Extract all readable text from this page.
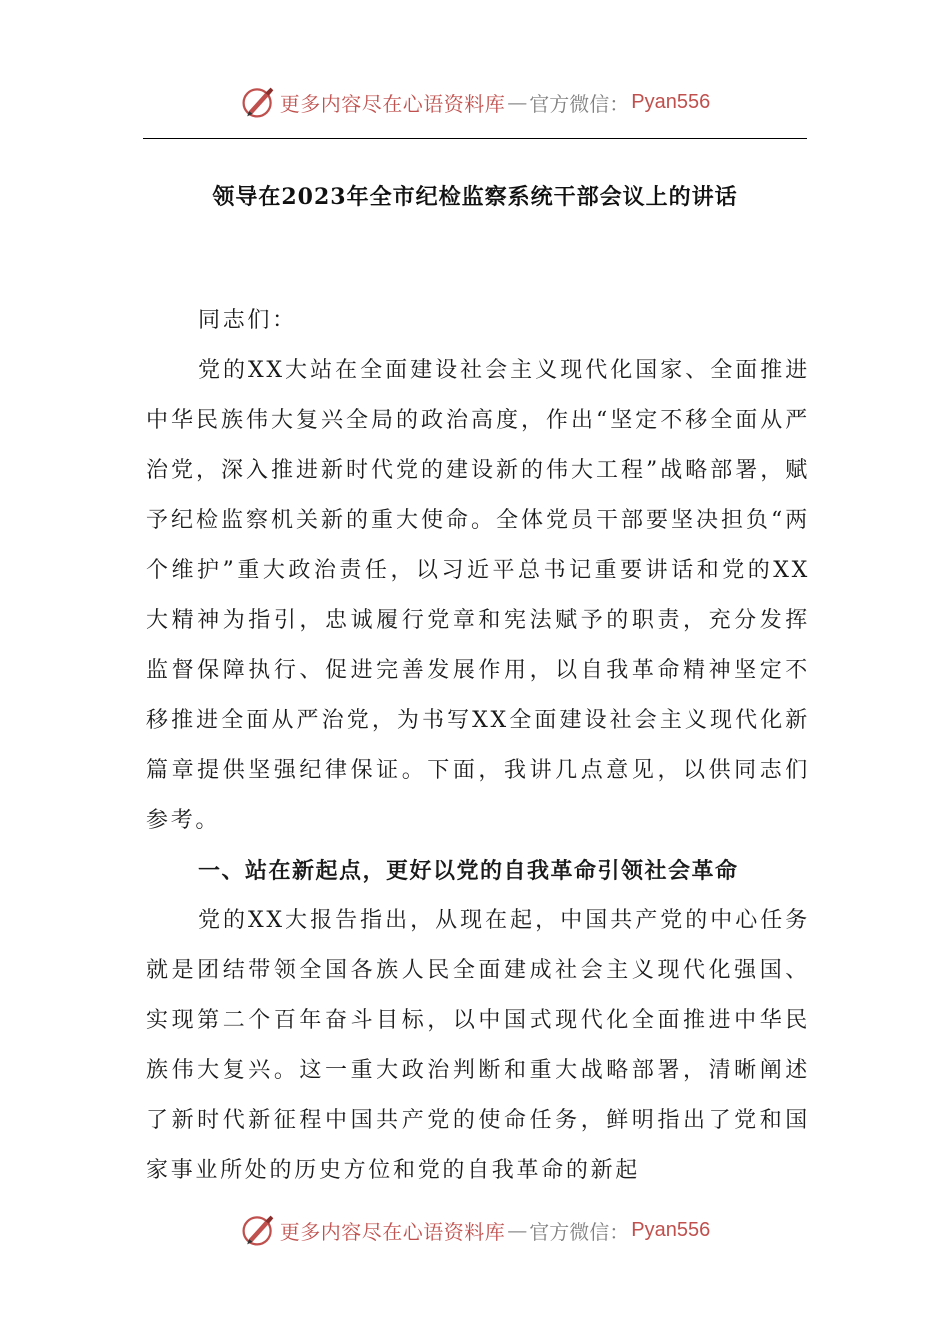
更多内容尽在心语资料库 — 官方微信： Pyan556
领导在2023年全市纪检监察系统干部会议上的讲话

同志们：

党的XX大站在全面建设社会主义现代化国家、全面推进中华民族伟大复兴全局的政治高度，作出“坚定不移全面从严治党，深入推进新时代党的建设新的伟大工程”战略部署，赋予纪检监察机关新的重大使命。全体党员干部要坚决担负“两个维护”重大政治责任，以习近平总书记重要讲话和党的XX大精神为指引，忠诚履行党章和宪法赋予的职责，充分发挥监督保障执行、促进完善发展作用，以自我革命精神坚定不移推进全面从严治党，为书写XX全面建设社会主义现代化新篇章提供坚强纪律保证。下面，我讲几点意见，以供同志们参考。

一、站在新起点，更好以党的自我革命引领社会革命

党的XX大报告指出，从现在起，中国共产党的中心任务就是团结带领全国各族人民全面建成社会主义现代化强国、实现第二个百年奋斗目标，以中国式现代化全面推进中华民族伟大复兴。这一重大政治判断和重大战略部署，清晰阐述了新时代新征程中国共产党的使命任务，鲜明指出了党和国家事业所处的历史方位和党的自我革命的新起

更多内容尽在心语资料库 — 官方微信： Pyan556
